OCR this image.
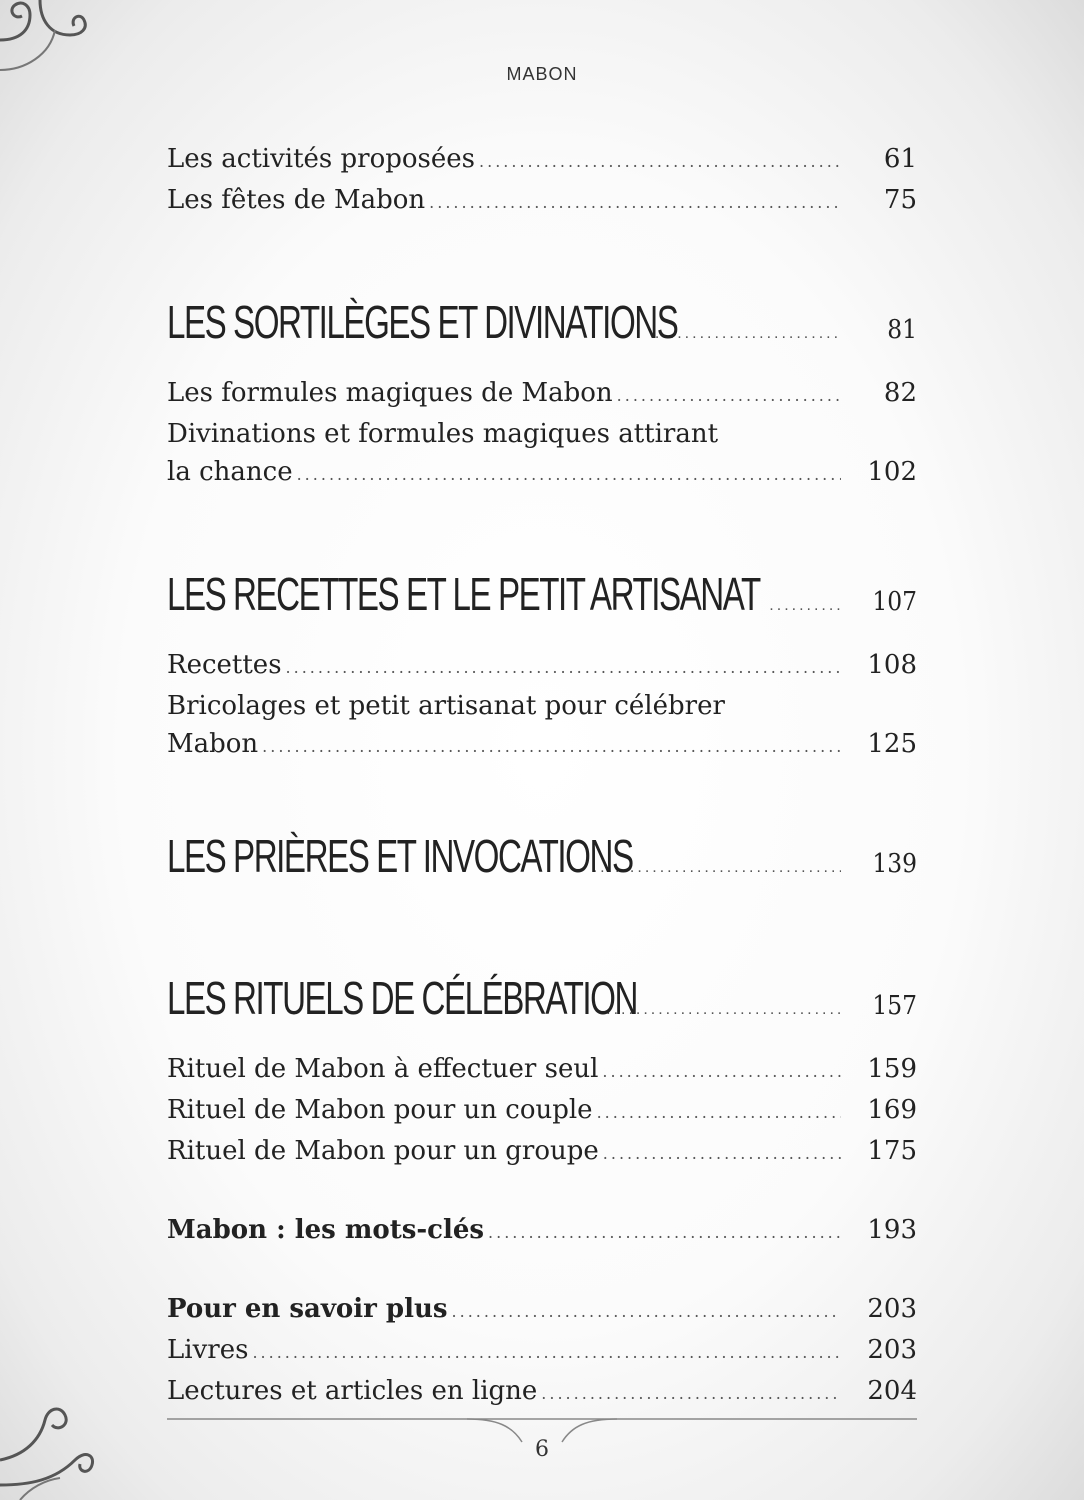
MABON
Les activités proposées .....	61
Les fêtes de Mabon .....	75
LES SORTILÈGES ET DIVINATIONS .....	81
Les formules magiques de Mabon .....	82
Divinations et formules magiques attirant
la chance .....	102
LES RECETTES ET LE PETIT ARTISANAT .....	107
Recettes .....	108
Bricolages et petit artisanat pour célébrer
Mabon .....	125
LES PRIÈRES ET INVOCATIONS .....	139
LES RITUELS DE CÉLÉBRATION .....	157
Rituel de Mabon à effectuer seul .....	159
Rituel de Mabon pour un couple .....	169
Rituel de Mabon pour un groupe .....	175
Mabon : les mots-clés .....	193
Pour en savoir plus .....	203
Livres .....	203
Lectures et articles en ligne .....	204
6
